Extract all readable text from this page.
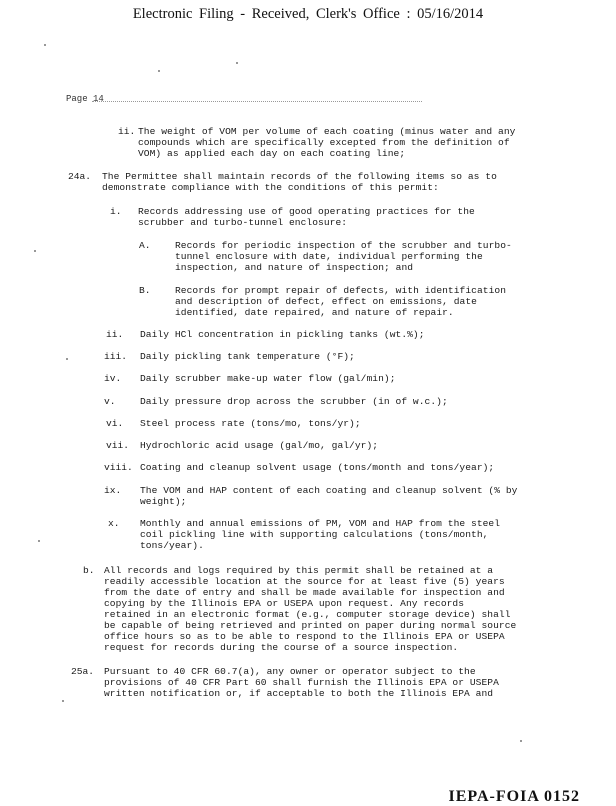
Electronic Filing - Received, Clerk's Office : 05/16/2014
Page 14
ii. The weight of VOM per volume of each coating (minus water and any
compounds which are specifically excepted from the definition of
VOM) as applied each day on each coating line;
24a. The Permittee shall maintain records of the following items so as to
demonstrate compliance with the conditions of this permit:
i. Records addressing use of good operating practices for the
scrubber and turbo-tunnel enclosure:
A.	Records for periodic inspection of the scrubber and turbo-
tunnel enclosure with date, individual performing the
inspection, and nature of inspection; and
B.	Records for prompt repair of defects, with identification
and description of defect, effect on emissions, date
identified, date repaired, and nature of repair.
ii. Daily HCl concentration in pickling tanks (wt.%);
iii. Daily pickling tank temperature (°F);
iv. Daily scrubber make-up water flow (gal/min);
v.	Daily pressure drop across the scrubber (in of w.c.);
vi. Steel process rate (tons/mo, tons/yr);
vii. Hydrochloric acid usage (gal/mo, gal/yr);
viii. Coating and cleanup solvent usage (tons/month and tons/year);
ix. The VOM and HAP content of each coating and cleanup solvent (% by
weight);
x. Monthly and annual emissions of PM, VOM and HAP from the steel
coil pickling line with supporting calculations (tons/month,
tons/year).
b. All records and logs required by this permit shall be retained at a
readily accessible location at the source for at least five (5) years
from the date of entry and shall be made available for inspection and
copying by the Illinois EPA or USEPA upon request. Any records
retained in an electronic format (e.g., computer storage device) shall
be capable of being retrieved and printed on paper during normal source
office hours so as to be able to respond to the Illinois EPA or USEPA
request for records during the course of a source inspection.
25a. Pursuant to 40 CFR 60.7(a), any owner or operator subject to the
provisions of 40 CFR Part 60 shall furnish the Illinois EPA or USEPA
written notification or, if acceptable to both the Illinois EPA and
IEPA-FOIA 0152
